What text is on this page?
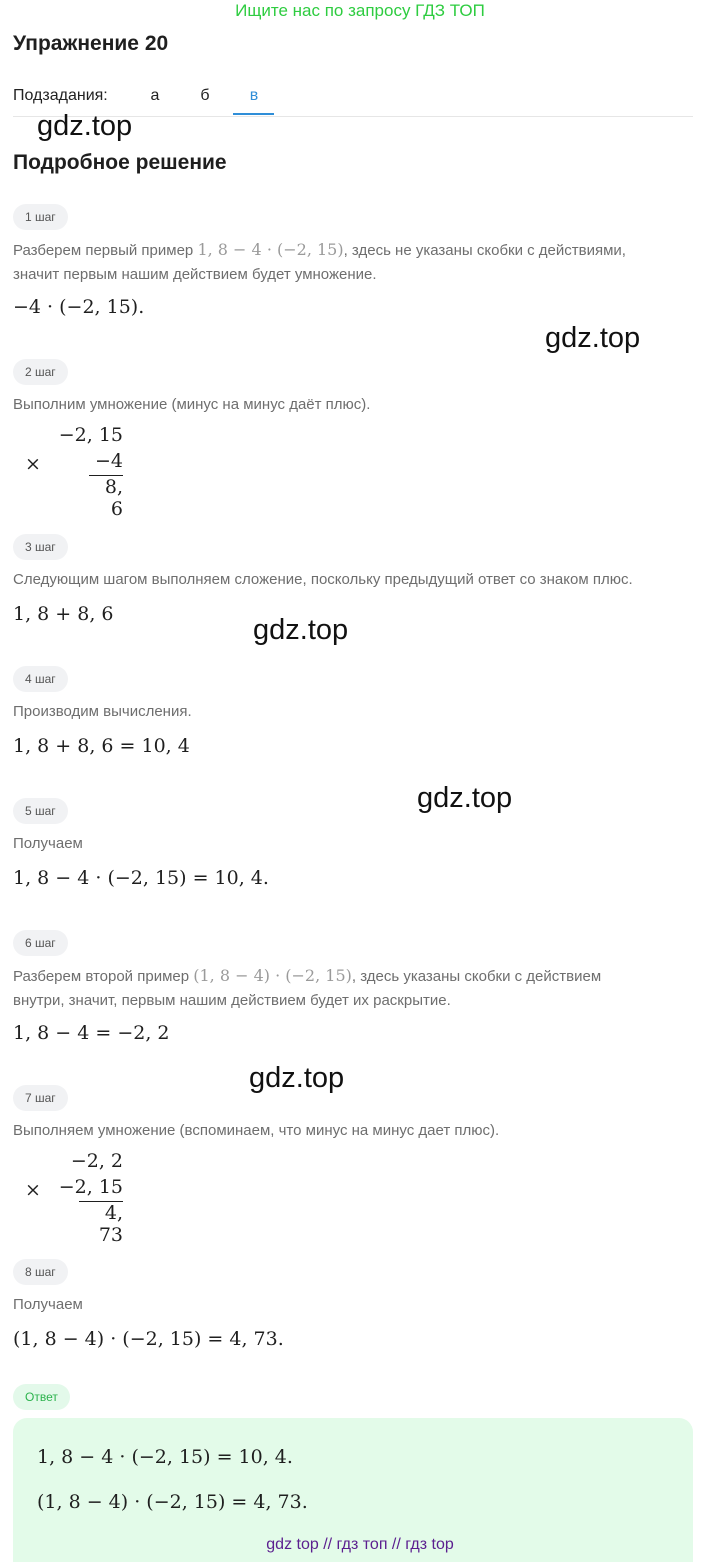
Ищите нас по запросу ГДЗ ТОП
Упражнение 20
Подзадания:	а	б	в
gdz.top
gdz.top
gdz.top
gdz.top
gdz.top
Подробное решение
1 шаг
Разберем первый пример 1, 8 − 4 · (−2, 15), здесь не указаны скобки с действиями,
значит первым нашим действием будет умножение.
−4 · (−2, 15).
2 шаг
Выполним умножение (минус на минус даёт плюс).
×
−2, 15
−4
8, 6
3 шаг
Следующим шагом выполняем сложение, поскольку предыдущий ответ со знаком плюс.
1, 8 + 8, 6
4 шаг
Производим вычисления.
1, 8 + 8, 6 = 10, 4
5 шаг
Получаем
1, 8 − 4 · (−2, 15) = 10, 4.
6 шаг
Разберем второй пример (1, 8 − 4) · (−2, 15), здесь указаны скобки с действием
внутри, значит, первым нашим действием будет их раскрытие.
1, 8 − 4 = −2, 2
7 шаг
Выполняем умножение (вспоминаем, что минус на минус дает плюс).
×
−2, 2
−2, 15
4, 73
8 шаг
Получаем
(1, 8 − 4) · (−2, 15) = 4, 73.
Ответ
1, 8 − 4 · (−2, 15) = 10, 4.
(1, 8 − 4) · (−2, 15) = 4, 73.
gdz top // гдз топ // гдз top
